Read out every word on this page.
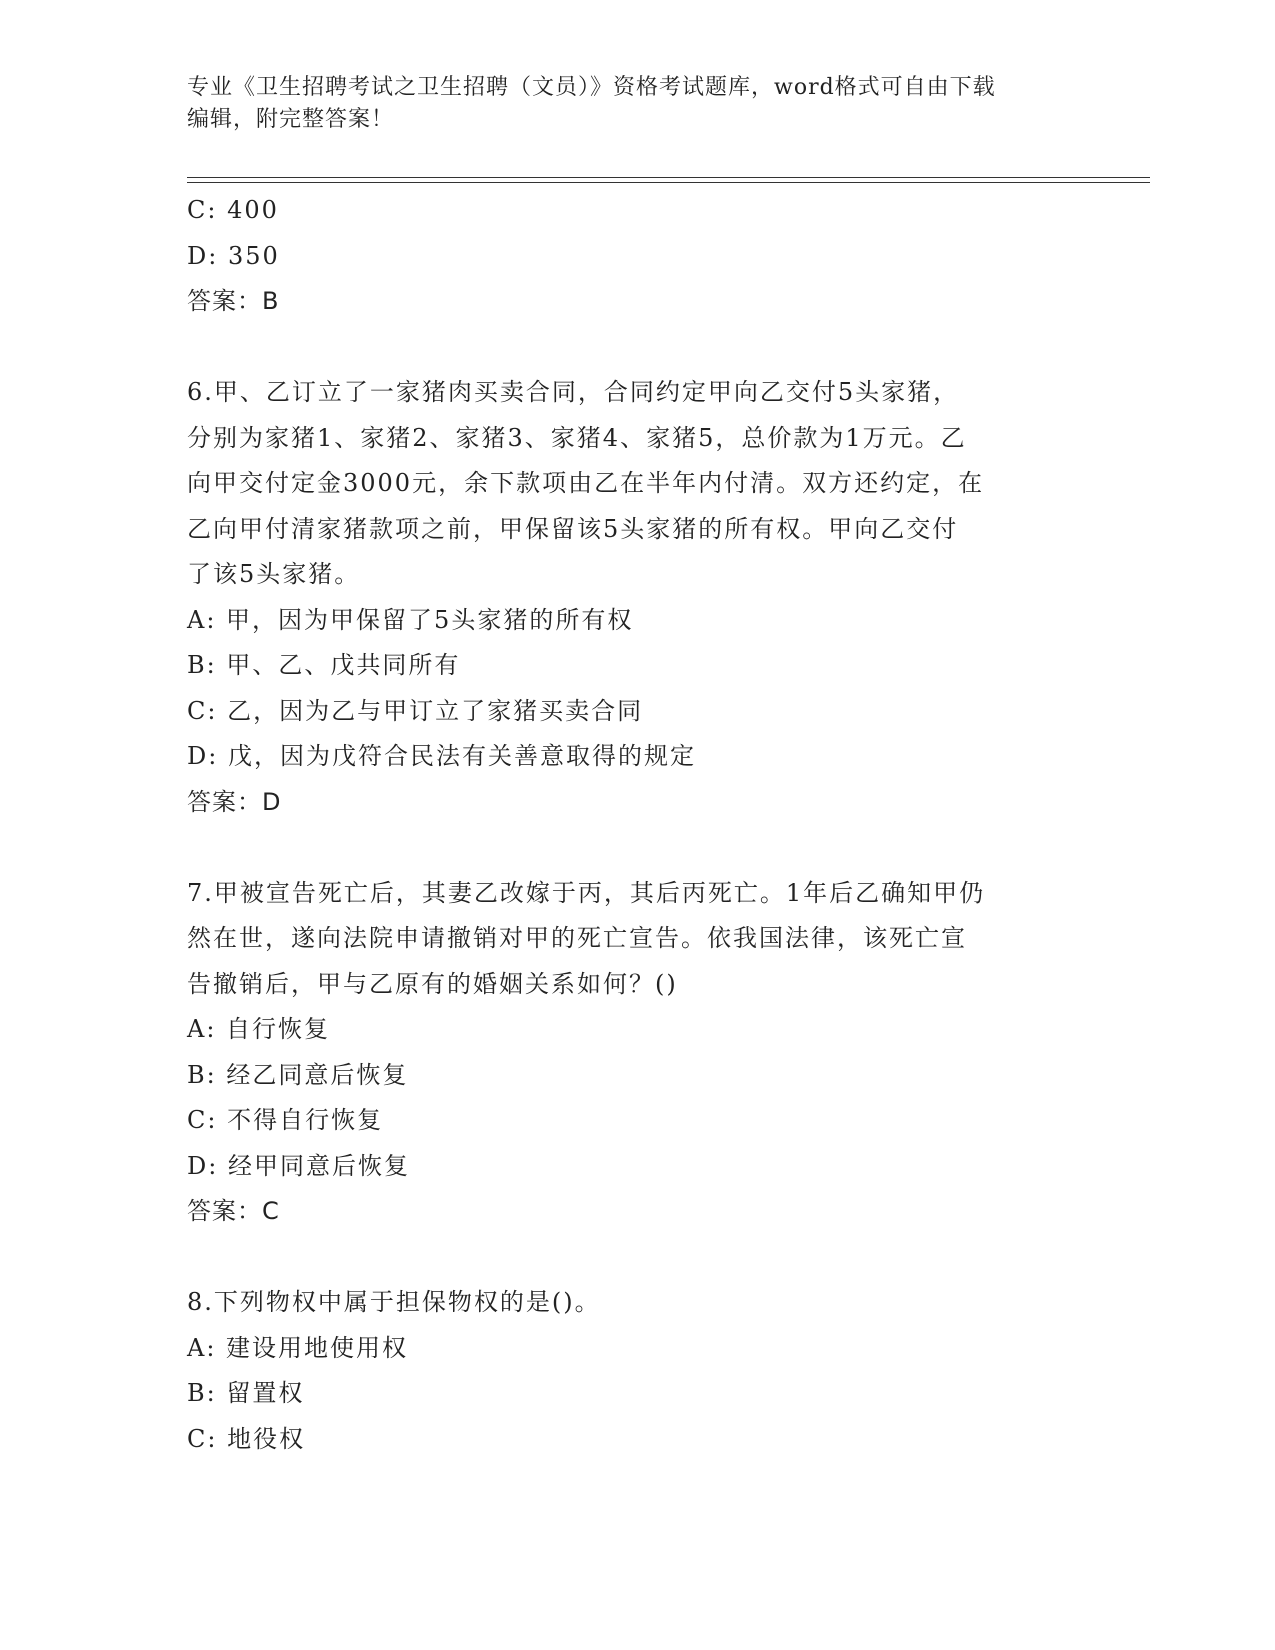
专业《卫生招聘考试之卫生招聘（文员）》资格考试题库，word格式可自由下载
编辑，附完整答案！
C: 400
D: 350
答案：B
6.甲、乙订立了一家猪肉买卖合同，合同约定甲向乙交付5头家猪，
分别为家猪1、家猪2、家猪3、家猪4、家猪5，总价款为1万元。乙
向甲交付定金3000元，余下款项由乙在半年内付清。双方还约定，在
乙向甲付清家猪款项之前，甲保留该5头家猪的所有权。甲向乙交付
了该5头家猪。
A: 甲，因为甲保留了5头家猪的所有权
B: 甲、乙、戊共同所有
C: 乙，因为乙与甲订立了家猪买卖合同
D: 戊，因为戊符合民法有关善意取得的规定
答案：D
7.甲被宣告死亡后，其妻乙改嫁于丙，其后丙死亡。1年后乙确知甲仍
然在世，遂向法院申请撤销对甲的死亡宣告。依我国法律，该死亡宣
告撤销后，甲与乙原有的婚姻关系如何？()
A: 自行恢复
B: 经乙同意后恢复
C: 不得自行恢复
D: 经甲同意后恢复
答案：C
8.下列物权中属于担保物权的是()。
A: 建设用地使用权
B: 留置权
C: 地役权
